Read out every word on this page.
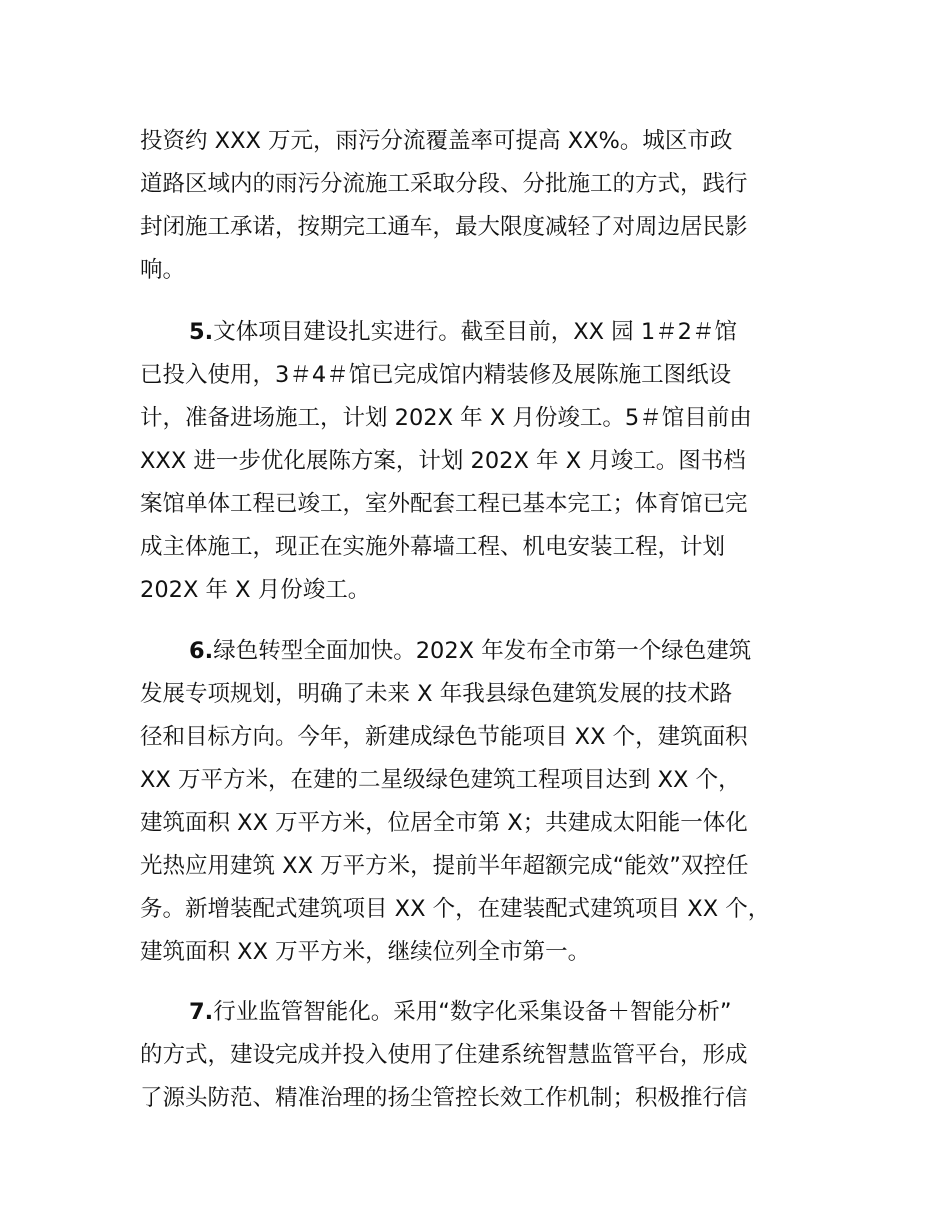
投资约 XXX 万元，雨污分流覆盖率可提高 XX%。城区市政
道路区域内的雨污分流施工采取分段、分批施工的方式，践行
封闭施工承诺，按期完工通车，最大限度减轻了对周边居民影
响。
5.文体项目建设扎实进行。截至目前，XX 园 1＃2＃馆
已投入使用，3＃4＃馆已完成馆内精装修及展陈施工图纸设
计，准备进场施工，计划 202X 年 X 月份竣工。5＃馆目前由
XXX 进一步优化展陈方案，计划 202X 年 X 月竣工。图书档
案馆单体工程已竣工，室外配套工程已基本完工；体育馆已完
成主体施工，现正在实施外幕墙工程、机电安装工程，计划
202X 年 X 月份竣工。
6.绿色转型全面加快。202X 年发布全市第一个绿色建筑
发展专项规划，明确了未来 X 年我县绿色建筑发展的技术路
径和目标方向。今年，新建成绿色节能项目 XX 个，建筑面积
XX 万平方米，在建的二星级绿色建筑工程项目达到 XX 个，
建筑面积 XX 万平方米，位居全市第 X；共建成太阳能一体化
光热应用建筑 XX 万平方米，提前半年超额完成“能效”双控任
务。新增装配式建筑项目 XX 个，在建装配式建筑项目 XX 个，
建筑面积 XX 万平方米，继续位列全市第一。
7.行业监管智能化。采用“数字化采集设备＋智能分析”
的方式，建设完成并投入使用了住建系统智慧监管平台，形成
了源头防范、精准治理的扬尘管控长效工作机制；积极推行信
